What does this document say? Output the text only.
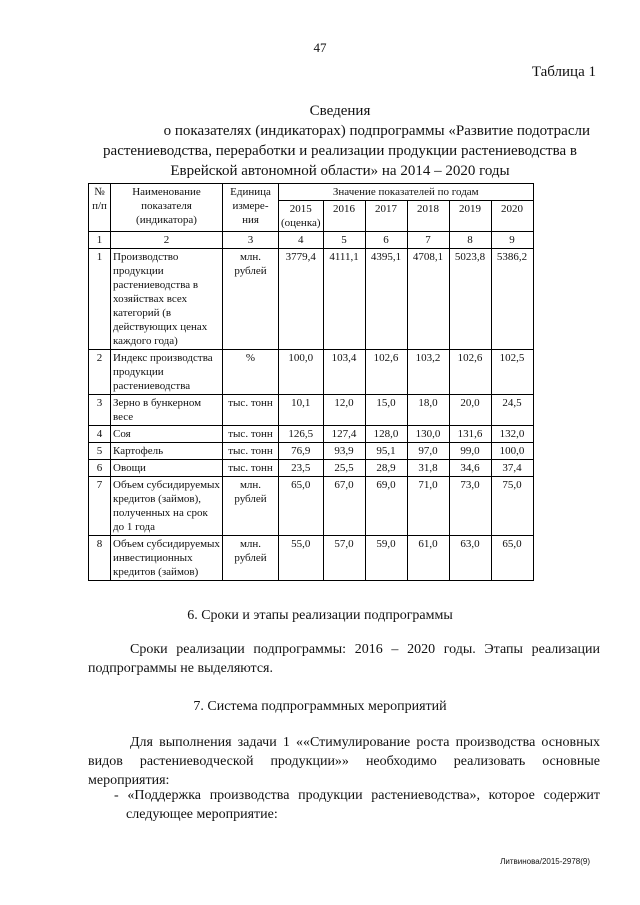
47
Таблица 1
Сведения
о показателях (индикаторах) подпрограммы «Развитие подотрасли
растениеводства, переработки и реализации продукции растениеводства в
Еврейской автономной области» на 2014 – 2020 годы
№ п/п	Наименование показателя (индикатора)	Единица измере- ния	Значение показателей по годам					
			2015 (оценка)	2016	2017	2018	2019	2020
1	2	3	4	5	6	7	8	9
1	Производство продукции растениеводства в хозяйствах всех категорий (в действующих ценах каждого года)	млн. рублей	3779,4	4111,1	4395,1	4708,1	5023,8	5386,2
2	Индекс производства продукции растениеводства	%	100,0	103,4	102,6	103,2	102,6	102,5
3	Зерно в бункерном весе	тыс. тонн	10,1	12,0	15,0	18,0	20,0	24,5
4	Соя	тыс. тонн	126,5	127,4	128,0	130,0	131,6	132,0
5	Картофель	тыс. тонн	76,9	93,9	95,1	97,0	99,0	100,0
6	Овощи	тыс. тонн	23,5	25,5	28,9	31,8	34,6	37,4
7	Объем субсидируемых кредитов (займов), полученных на срок до 1 года	млн. рублей	65,0	67,0	69,0	71,0	73,0	75,0
8	Объем субсидируемых инвестиционных кредитов (займов)	млн. рублей	55,0	57,0	59,0	61,0	63,0	65,0
6. Сроки и этапы реализации подпрограммы
Сроки реализации подпрограммы: 2016 – 2020 годы. Этапы реализации подпрограммы не выделяются.
7. Система подпрограммных мероприятий
Для выполнения задачи 1 ««Стимулирование роста производства основных видов растениеводческой продукции»» необходимо реализовать основные мероприятия:
- «Поддержка производства продукции растениеводства», которое содержит следующее мероприятие:
Литвинова/2015-2978(9)
